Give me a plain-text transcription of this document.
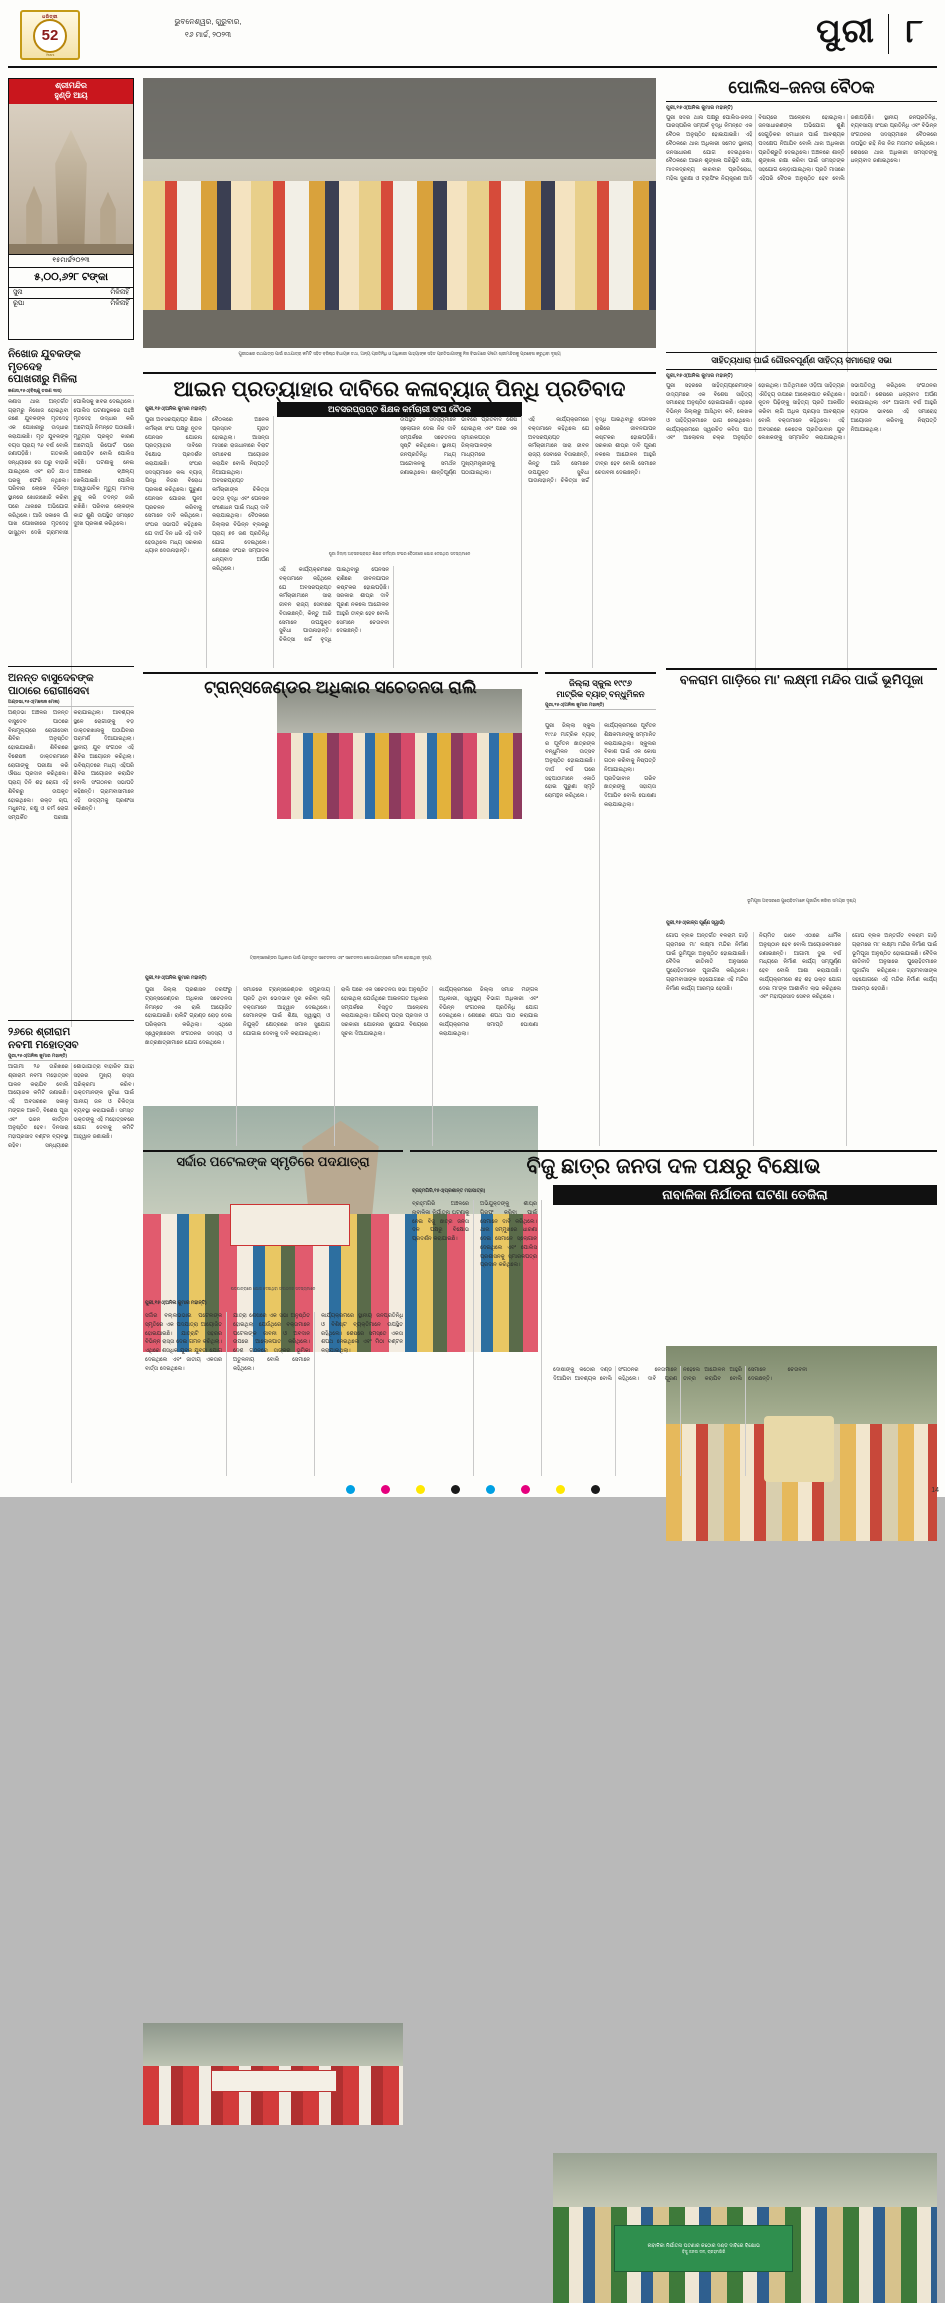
ଧରିତ୍ରୀ
52
Years
ଭୁବନେଶ୍ୱର, ଗୁରୁବାର,
୧୬ ମାର୍ଚ୍ଚ, ୨୦୨୩	ପୁରୀ ୮
ଶ୍ରୀମନ୍ଦିର
ହୁଣ୍ଡି ଆୟ
୧୫ମାର୍ଚ୍ଚ୨୦୨୩
୫,୦୦,୬୨୮ ଟଙ୍କା
ସୁନା	ମିଳିନାହିଁ
ରୂପା	ମିଳିନାହିଁ
ପୁରୀଠାରେ ରଥଯାତ୍ରା ପାଇଁ ରଥଯାତ୍ରା କମିଟି ସହିତ ବରିଷ୍ଠ ବିଧାୟକ ତଥା, ଅନ୍ୟ ପ୍ରତିନିଧି ଓ ଅଧିକାରୀ ପାହ୍ୟାଙ୍କ ସହିତ ପ୍ରତିଭାଗୀଙ୍କୁ ନିଜ ବିଭାଗରେ ଫଟୋ ଶ୍ରୀମନ୍ଦିରକୁ ପ୍ରବେଶ କରୁଥିବା ଦୃଶ୍ୟ
ପୋଲିସ–ଜନତା ବୈଠକ
ପୁରୀ,୧୫ଏ(ଅନିଲ କୁମାର ମହାନ୍ତି)
ପୁରୀ ସଦର ଥାନା ପକ୍ଷରୁ ପୋଲିସ-ଜନତା ପାରସ୍ପରିକ ସମ୍ପର୍କ ବୃଦ୍ଧି ନିମନ୍ତେ ଏକ ବୈଠକ ଅନୁଷ୍ଠିତ ହୋଇଯାଇଛି। ଏହି ବୈଠକରେ ଥାନା ଅଧିକାରୀ ସମେତ ସ୍ଥାନୀୟ ଜନସାଧାରଣ ଯୋଗ ଦେଇଥିଲେ। ବୈଠକରେ ଆଇନ ଶୃଙ୍ଖଳା ପରିସ୍ଥିତି ରକ୍ଷା, ମାଦକଦ୍ରବ୍ୟ କାରବାର ପ୍ରତିରୋଧ, ମହିଳା ସୁରକ୍ଷା ଓ ଟ୍ରାଫିକ ନିୟନ୍ତ୍ରଣ ଆଦି ବିଷୟରେ ଆଲୋଚନା ହୋଇଥିଲା। ଜନସାଧାରଣଙ୍କ ଅଭିଯୋଗ ଶୁଣି ସେଗୁଡ଼ିକର ସମାଧାନ ପାଇଁ ଆବଶ୍ୟକ ପଦକ୍ଷେପ ନିଆଯିବ ବୋଲି ଥାନା ଅଧିକାରୀ ପ୍ରତିଶ୍ରୁତି ଦେଇଥିଲେ। ଅଞ୍ଚଳରେ ଶାନ୍ତି ଶୃଙ୍ଖଳା ରକ୍ଷା କରିବା ପାଇଁ ସମସ୍ତଙ୍କ ସହଯୋଗ ଲୋଡ଼ାଯାଇଥିଲା। ପ୍ରତି ମାସରେ ଏହିପରି ବୈଠକ ଅନୁଷ୍ଠିତ ହେବ ବୋଲି ଜଣାପଡ଼ିଛି। ସ୍ଥାନୀୟ ଜନପ୍ରତିନିଧି, ବ୍ୟବସାୟୀ ସଂଘର ପ୍ରତିନିଧି ଏବଂ ବିଭିନ୍ନ ସଂଗଠନର ସଦସ୍ୟମାନେ ବୈଠକରେ ଉପସ୍ଥିତ ରହି ନିଜ ନିଜ ମତାମତ ରଖିଥିଲେ। ଶେଷରେ ଥାନା ଅଧିକାରୀ ସମସ୍ତଙ୍କୁ ଧନ୍ୟବାଦ ଜଣାଇଥିଲେ।
ସାହିତ୍ୟଧାରା ପାଇଁ ଗୌରବପୂର୍ଣ୍ଣ ସାହିତ୍ୟ ସମାରୋହ ସଭା
ପୁରୀ,୧୫ଏ(ଅନିଲ କୁମାର ମହାନ୍ତି)
ପୁରୀ ସହରରେ ସାହିତ୍ୟପ୍ରେମୀଙ୍କ ଉଦ୍ୟମରେ ଏକ ବିଶେଷ ସାହିତ୍ୟ ସମାରୋହ ଅନୁଷ୍ଠିତ ହୋଇଯାଇଛି। ଏଥିରେ ବିଭିନ୍ନ ଜିଲ୍ଲାରୁ ଆସିଥିବା କବି, ଲେଖକ ଓ ସାହିତ୍ୟିକମାନେ ଭାଗ ନେଇଥିଲେ। କାର୍ଯ୍ୟକ୍ରମରେ ସ୍ୱରଚିତ କବିତା ପାଠ ଏବଂ ଆଲୋଚନା ଚକ୍ର ଅନୁଷ୍ଠିତ ହୋଇଥିଲା। ଅତିଥିମାନେ ଓଡ଼ିଆ ସାହିତ୍ୟର ଐତିହ୍ୟ ଉପରେ ଆଲୋକପାତ କରିଥିଲେ। ନୂତନ ପିଢ଼ିଙ୍କୁ ସାହିତ୍ୟ ପ୍ରତି ଆକର୍ଷିତ କରିବା ଲାଗି ଅଧିକ ପ୍ରୟାସ ଆବଶ୍ୟକ ବୋଲି ବକ୍ତାମାନେ କହିଥିଲେ। ଏହି ଅବସରରେ କେତେକ ପ୍ରତିଭାବାନ ଯୁବ ଲେଖକଙ୍କୁ ସମ୍ମାନିତ କରାଯାଇଥିଲା। ସଭାପତିତ୍ୱ କରିଥିଲେ ସଂଗଠନର ସଭାପତି। ଶେଷରେ ଧନ୍ୟବାଦ ଅର୍ପଣ କରାଯାଇଥିଲା ଏବଂ ଆଗାମୀ ବର୍ଷ ଆହୁରି ବ୍ୟାପକ ଭାବରେ ଏହି ସମାରୋହ ଆୟୋଜନ କରିବାକୁ ନିଷ୍ପତ୍ତି ନିଆଯାଇଥିଲା।
ନିଖୋଜ ଯୁବକଙ୍କ
ମୃତଦେହ
ପୋଖରୀରୁ ମିଳିଲା
କଣାସ,୧୫ଏ(ବିଷ୍ଣୁ ଚରଣ ଦାସ)
କଣାସ ଥାନା ଅନ୍ତର୍ଗତ ଗ୍ରାମରୁ ନିଖୋଜ ହୋଇଥିବା ଜଣେ ଯୁବକଙ୍କ ମୃତଦେହ ଏକ ପୋଖରୀରୁ ଉଦ୍ଧାର କରାଯାଇଛି। ମୃତ ଯୁବକଙ୍କ ବୟସ ପ୍ରାୟ ୨୬ ବର୍ଷ ବୋଲି ଜଣାପଡ଼ିଛି। ଗତକାଲି ସନ୍ଧ୍ୟାରେ ସେ ଘରୁ ବାହାରି ଯାଇଥିଲେ ଏବଂ ରାତି ଯାଏ ଘରକୁ ଫେରି ନଥିଲେ। ପରିବାର ଲୋକେ ବିଭିନ୍ନ ସ୍ଥାନରେ ଖୋଜାଖୋଜି କରିବା ପରେ ଥାନାରେ ଅଭିଯୋଗ କରିଥିଲେ। ଆଜି ସକାଳେ ଗାଁ ପାଖ ପୋଖରୀରେ ମୃତଦେହ ଭାସୁଥିବା ଦେଖି ଗ୍ରାମବାସୀ ପୋଲିସକୁ ଖବର ଦେଇଥିଲେ। ପୋଲିସ ଘଟଣାସ୍ଥଳରେ ପହଞ୍ଚି ମୃତଦେହ ଉଦ୍ଧାର କରି ଅଟୋପ୍ସି ନିମନ୍ତେ ପଠାଇଛି। ମୃତ୍ୟୁର ପ୍ରକୃତ କାରଣ ଅଟୋପ୍ସି ରିପୋର୍ଟ ପରେ ଜଣାପଡ଼ିବ ବୋଲି ପୋଲିସ କହିଛି। ଘଟଣାକୁ ନେଇ ଅଞ୍ଚଳରେ ଚାଞ୍ଚଲ୍ୟ ଖେଳିଯାଇଛି। ପୋଲିସ ଅସ୍ୱାଭାବିକ ମୃତ୍ୟୁ ମାମଲା ରୁଜୁ କରି ତଦନ୍ତ ଜାରି ରଖିଛି। ପରିବାର ଲୋକଙ୍କ କାନ୍ଦ ଶୁଣି ଉପସ୍ଥିତ ସମସ୍ତେ ଦୁଃଖ ପ୍ରକାଶ କରିଥିଲେ।
ଆଇନ ପ୍ରତ୍ୟାହାର ଦାବିରେ କଳାବ୍ୟାଜ୍ ପିନ୍ଧି ପ୍ରତିବାଦ
ପୁରୀ,୧୫ଏ(ଅନିଲ କୁମାର ମହାନ୍ତି)	ଅବସରପ୍ରାପ୍ତ ଶିକ୍ଷକ କର୍ମଚାରୀ ସଂଘ ବୈଠକ
ପୁରୀ ଜିଲ୍ଲା ଅବସରପ୍ରାପ୍ତ ଶିକ୍ଷକ କର୍ମଚାରୀ ସଂଘର ବୈଠକରେ ଯୋଗ ଦେଇଥିବା ସଦସ୍ୟମାନେ
ପୁରୀ ଅବସରପ୍ରାପ୍ତ ଶିକ୍ଷକ କର୍ମଚାରୀ ସଂଘ ପକ୍ଷରୁ ନୂତନ ପେନସନ ଯୋଜନା ପ୍ରତ୍ୟାହାର ଦାବିରେ ବିକ୍ଷୋଭ ପ୍ରଦର୍ଶନ କରାଯାଇଛି। ସଂଘର ସଦସ୍ୟମାନେ କଳା ବ୍ୟାଜ୍ ପିନ୍ଧି ନିଜର ବିରୋଧ ପ୍ରକାଶ କରିଥିଲେ। ପୁରୁଣା ପେନସନ ଯୋଜନା ପୁନଃ ପ୍ରଚଳନ କରିବାକୁ ସେମାନେ ଦାବି କରିଥିଲେ। ସଂଘର ସଭାପତି କହିଥିଲେ ଯେ ଦୀର୍ଘ ଦିନ ଧରି ଏହି ଦାବି ହେଉଥିଲେ ମଧ୍ୟ ସରକାର ଧ୍ୟାନ ଦେଉନାହାନ୍ତି।
ବୈଠକରେ ଅନେକ ପ୍ରସ୍ତାବ ଗୃହୀତ ହୋଇଥିଲା। ଆସନ୍ତା ମାସରେ ରାଜଧାନୀରେ ବିରାଟ ସମାବେଶ ଆୟୋଜନ କରାଯିବ ବୋଲି ନିଷ୍ପତ୍ତି ନିଆଯାଇଥିଲା। ଅବସରପ୍ରାପ୍ତ କର୍ମଚାରୀଙ୍କ ଚିକିତ୍ସା ଭତ୍ତା ବୃଦ୍ଧି ଏବଂ ପେନସନ ସଂଶୋଧନ ପାଇଁ ମଧ୍ୟ ଦାବି କରାଯାଇଥିଲା। ବୈଠକରେ ଜିଲ୍ଲାର ବିଭିନ୍ନ ବ୍ଲକରୁ ପ୍ରାୟ ୭୫ ଜଣ ପ୍ରତିନିଧି ଯୋଗ ଦେଇଥିଲେ। ଶେଷରେ ସଂଘର ସମ୍ପାଦକ ଧନ୍ୟବାଦ ଅର୍ପଣ କରିଥିଲେ।	ଏହି କାର୍ଯ୍ୟକ୍ରମରେ ବକ୍ତାମାନେ କହିଥିଲେ ଯେ ଅବସରପ୍ରାପ୍ତ କର୍ମଚାରୀମାନେ ସାରା ଜୀବନ ରାଜ୍ୟ ସେବାରେ ବିତାଇଛନ୍ତି, କିନ୍ତୁ ଆଜି ସେମାନେ ଉପଯୁକ୍ତ ସୁବିଧା ପାଉନାହାନ୍ତି। ଚିକିତ୍ସା ଖର୍ଚ୍ଚ ବୃଦ୍ଧି ପାଇଥିବାରୁ ପେନସନ ରାଶିରେ ଜୀବନଯାପନ କଷ୍ଟକର ହୋଇପଡ଼ିଛି। ସରକାର ଶୀଘ୍ର ଦାବି ପୂରଣ ନକଲେ ଆନ୍ଦୋଳନ ଆହୁରି ତୀବ୍ର ହେବ ବୋଲି ସେମାନେ ଚେତାବନୀ ଦେଇଛନ୍ତି।
ଉପସ୍ଥିତ ସଦସ୍ୟମାନେ ସ୍ଲୋଗାନ ଦେଇ ନିଜ ଦାବି ସମ୍ପର୍କରେ ସଚେତନତା ସୃଷ୍ଟି କରିଥିଲେ। ସ୍ଥାନୀୟ ଜନପ୍ରତିନିଧି ମଧ୍ୟ ଆନ୍ଦୋଳନକୁ ସମର୍ଥନ ଜଣାଇଥିଲେ। ଶାନ୍ତିପୂର୍ଣ୍ଣ ଭାବରେ ପ୍ରତିବାଦ ଶେଷ ହୋଇଥିଲା ଏବଂ ପରେ ଏକ ସ୍ମାରକପତ୍ର ଜିଲ୍ଲାପାଳଙ୍କ ମାଧ୍ୟମରେ ମୁଖ୍ୟମନ୍ତ୍ରୀଙ୍କୁ ପଠାଯାଇଥିଲା।
ଏହି କାର୍ଯ୍ୟକ୍ରମରେ ବକ୍ତାମାନେ କହିଥିଲେ ଯେ ଅବସରପ୍ରାପ୍ତ କର୍ମଚାରୀମାନେ ସାରା ଜୀବନ ରାଜ୍ୟ ସେବାରେ ବିତାଇଛନ୍ତି, କିନ୍ତୁ ଆଜି ସେମାନେ ଉପଯୁକ୍ତ ସୁବିଧା ପାଉନାହାନ୍ତି। ଚିକିତ୍ସା ଖର୍ଚ୍ଚ ବୃଦ୍ଧି ପାଇଥିବାରୁ ପେନସନ ରାଶିରେ ଜୀବନଯାପନ କଷ୍ଟକର ହୋଇପଡ଼ିଛି। ସରକାର ଶୀଘ୍ର ଦାବି ପୂରଣ ନକଲେ ଆନ୍ଦୋଳନ ଆହୁରି ତୀବ୍ର ହେବ ବୋଲି ସେମାନେ ଚେତାବନୀ ଦେଇଛନ୍ତି।
ଅନନ୍ତ ବାସୁଦେବଙ୍କ
ପାଠାରେ ରୋଗୀସେବା
ଅଣ୍ଡଭା,୧୫ଏ(ମନୋଜ ମେଳା)
ଅଣ୍ଡଭା ଅଞ୍ଚଳର ଅନନ୍ତ ବାସୁଦେବ ପାଠରେ ବିନାମୂଲ୍ୟରେ ରୋଗୀସେବା ଶିବିର ଅନୁଷ୍ଠିତ ହୋଇଯାଇଛି। ଶିବିରରେ ବିଶେଷଜ୍ଞ ଡାକ୍ତରମାନେ ରୋଗୀଙ୍କୁ ପରୀକ୍ଷା କରି ଔଷଧ ପ୍ରଦାନ କରିଥିଲେ। ପ୍ରାୟ ତିନି ଶହ ରୋଗୀ ଏହି ଶିବିରରୁ ଉପକୃତ ହୋଇଥିଲେ। ରକ୍ତ ଚାପ, ମଧୁମେହ, ଚକ୍ଷୁ ଓ ଚର୍ମ ରୋଗ ସମ୍ପର୍କିତ ପରୀକ୍ଷା କରାଯାଇଥିଲା। ଆବଶ୍ୟକ ସ୍ଥଳେ ରୋଗୀଙ୍କୁ ବଡ଼ ଡାକ୍ତରଖାନାକୁ ପଠାଯିବାର ପରାମର୍ଶ ଦିଆଯାଇଥିଲା। ସ୍ଥାନୀୟ ଯୁବ ସଂଗଠନ ଏହି ଶିବିର ଆୟୋଜନ କରିଥିଲା। ଭବିଷ୍ୟତରେ ମଧ୍ୟ ଏହିପରି ଶିବିର ଆୟୋଜନ କରାଯିବ ବୋଲି ସଂଗଠନର ସଭାପତି କହିଛନ୍ତି। ଗ୍ରାମବାସୀମାନେ ଏହି ଉଦ୍ୟମକୁ ପ୍ରଶଂସା କରିଛନ୍ତି।
୨୬ରେ ଶ୍ରୀରାମ
ନବମୀ ମହୋତ୍ସବ
ପୁରୀ,୧୫ଏ(ଅନିଲ କୁମାର ମହାନ୍ତି)
ଆଗାମୀ ୨୬ ତାରିଖରେ ଶ୍ରୀରାମ ନବମୀ ମହୋତ୍ସବ ପାଳନ କରାଯିବ ବୋଲି ଆୟୋଜକ କମିଟି ଜଣାଇଛି। ଏହି ଅବସରରେ ସକାଳୁ ମଙ୍ଗଳ ଆଳତି, ବିଶେଷ ପୂଜା ଏବଂ ଭଜନ କୀର୍ତ୍ତନ ଅନୁଷ୍ଠିତ ହେବ। ଦିନସାରା ମହାପ୍ରସାଦ ବଣ୍ଟନ ବ୍ୟବସ୍ଥା ରହିବ। ସନ୍ଧ୍ୟାରେ ଶୋଭାଯାତ୍ରା ବାହାରିବ ଯାହା ସହରର ମୁଖ୍ୟ ରାସ୍ତା ପରିକ୍ରମା କରିବ। ଭକ୍ତମାନଙ୍କ ସୁବିଧା ପାଇଁ ପାନୀୟ ଜଳ ଓ ଚିକିତ୍ସା ବ୍ୟବସ୍ଥା କରାଯାଇଛି। ସମସ୍ତ ଭକ୍ତଙ୍କୁ ଏହି ମହୋତ୍ସବରେ ଯୋଗ ଦେବାକୁ କମିଟି ଆହ୍ୱାନ ଜଣାଇଛି।
ଟ୍ରାନ୍ସଜେଣ୍ଡର ଅଧିକାର ସଚେତନତା ରାଲି
ଟ୍ରାନ୍ସଜେଣ୍ଡର ଅଧିକାର ପାଇଁ ପ୍ରସ୍ତୁତ ସଚେତନତା ଏବଂ ସଚେତନତା ଶୋଭାଯାତ୍ରାରେ ସାମିଲ ହୋଇଥିବା ଦୃଶ୍ୟ
ପୁରୀ,୧୫ଏ(ଅନିଲ କୁମାର ମହାନ୍ତି)
ପୁରୀ ଜିଲ୍ଲା ପ୍ରଶାସନ ତରଫରୁ ଟ୍ରାନ୍ସଜେଣ୍ଡର ଅଧିକାର ସଚେତନତା ନିମନ୍ତେ ଏକ ରାଲି ଆୟୋଜିତ ହୋଇଯାଇଛି। ରାଲିଟି ଗ୍ରାଣ୍ଡ ରୋଡ଼ ଦେଇ ପରିକ୍ରମା କରିଥିଲା। ଏଥିରେ ସ୍ୱେଚ୍ଛାସେବୀ ସଂଗଠନର ସଦସ୍ୟ ଓ ଛାତ୍ରଛାତ୍ରୀମାନେ ଯୋଗ ଦେଇଥିଲେ।
ସମାଜରେ ଟ୍ରାନ୍ସଜେଣ୍ଡର ସମ୍ପ୍ରଦାୟ ପ୍ରତି ଥିବା ଭେଦଭାବ ଦୂର କରିବା ଲାଗି ବକ୍ତାମାନେ ଆହ୍ୱାନ ଦେଇଥିଲେ। ସେମାନଙ୍କ ପାଇଁ ଶିକ୍ଷା, ସ୍ୱାସ୍ଥ୍ୟ ଓ ନିଯୁକ୍ତି କ୍ଷେତ୍ରରେ ସମାନ ସୁଯୋଗ ଯୋଗାଇ ଦେବାକୁ ଦାବି କରାଯାଇଥିଲା।
ରାଲି ପରେ ଏକ ସଚେତନତା ସଭା ଅନୁଷ୍ଠିତ ହୋଇଥିଲା ଯେଉଁଥିରେ ଆଇନଗତ ଅଧିକାର ସମ୍ପର୍କରେ ବିସ୍ତୃତ ଆଲୋଚନା କରାଯାଇଥିଲା। ପରିଚୟ ପତ୍ର ପ୍ରଦାନ ଓ ସରକାରୀ ଯୋଜନାର ସୁଯୋଗ ବିଷୟରେ ସୂଚନା ଦିଆଯାଇଥିଲା।
କାର୍ଯ୍ୟକ୍ରମରେ ଜିଲ୍ଲା ସମାଜ ମଙ୍ଗଳ ଅଧିକାରୀ, ସ୍ୱାସ୍ଥ୍ୟ ବିଭାଗ ଅଧିକାରୀ ଏବଂ ବିଭିନ୍ନ ସଂଗଠନର ପ୍ରତିନିଧି ଯୋଗ ଦେଇଥିଲେ। ଶେଷରେ ଶପଥ ପାଠ କରାଯାଇ କାର୍ଯ୍ୟକ୍ରମର ସମାପ୍ତି ଘୋଷଣା କରାଯାଇଥିଲା।
ଜିଲ୍ଲା ସ୍କୁଲ ୧୯୯୬
ମାଟ୍ରିକ ବ୍ୟାଚ୍ ବନ୍ଧୁମିଳନ
ପୁରୀ,୧୫ଏ(ଅନିଲ କୁମାର ମହାନ୍ତି)
ପୁରୀ ଜିଲ୍ଲା ସ୍କୁଲ ୧୯୯୬ ମାଟ୍ରିକ ବ୍ୟାଚ୍ ର ପୂର୍ବତନ ଛାତ୍ରଙ୍କ ବନ୍ଧୁମିଳନ ଉତ୍ସବ ଅନୁଷ୍ଠିତ ହୋଇଯାଇଛି। ଦୀର୍ଘ ବର୍ଷ ପରେ ସହପାଠୀମାନେ ଏକାଠି ହୋଇ ପୁରୁଣା ସ୍ମୃତି ରୋମନ୍ଥନ କରିଥିଲେ।
କାର୍ଯ୍ୟକ୍ରମରେ ପୂର୍ବତନ ଶିକ୍ଷକମାନଙ୍କୁ ସମ୍ମାନିତ କରାଯାଇଥିଲା। ସ୍କୁଲର ବିକାଶ ପାଇଁ ଏକ କୋଷ ଗଠନ କରିବାକୁ ନିଷ୍ପତ୍ତି ନିଆଯାଇଥିଲା। ପ୍ରତିଭାବାନ ଗରିବ ଛାତ୍ରଙ୍କୁ ସହାୟତା ଦିଆଯିବ ବୋଲି ଘୋଷଣା କରାଯାଇଥିଲା।
ବଳରାମ ଗାଡ଼ିରେ ମା' ଲକ୍ଷ୍ମୀ ମନ୍ଦିର ପାଇଁ ଭୂମିପୂଜା
ଭୂମିପୂଜା ଅବସରରେ ପୁରୋହିତମାନେ ପୂଜାର୍ଚ୍ଚନା କରିବା ସମୟର ଦୃଶ୍ୟ
ପୁରୀ,୧୫ଏ(କାଳ୍ପ ପୂର୍ଣ୍ଣ ସ୍ୱାଇଁ)
ଗୋପ ବ୍ଲକ ଅନ୍ତର୍ଗତ ବଳରାମ ଗାଡ଼ି ଗ୍ରାମରେ ମା' ଲକ୍ଷ୍ମୀ ମନ୍ଦିର ନିର୍ମାଣ ପାଇଁ ଭୂମିପୂଜା ଅନୁଷ୍ଠିତ ହୋଇଯାଇଛି। ବୈଦିକ ରୀତିନୀତି ଅନୁସାରେ ପୁରୋହିତମାନେ ପୂଜାର୍ଚ୍ଚନା କରିଥିଲେ। ଗ୍ରାମବାସୀଙ୍କ ସହଯୋଗରେ ଏହି ମନ୍ଦିର ନିର୍ମାଣ କାର୍ଯ୍ୟ ଆରମ୍ଭ ହେଉଛି।
ନିୟମିତ ଭାବେ ଏଠାରେ ଧାର୍ମିକ ଅନୁଷ୍ଠାନ ହେବ ବୋଲି ଆୟୋଜକମାନେ ଜଣାଇଛନ୍ତି। ଆଗାମୀ ଦୁଇ ବର୍ଷ ମଧ୍ୟରେ ନିର୍ମାଣ କାର୍ଯ୍ୟ ସମ୍ପୂର୍ଣ୍ଣ ହେବ ବୋଲି ଆଶା କରାଯାଉଛି। କାର୍ଯ୍ୟକ୍ରମରେ ଶହ ଶହ ଭକ୍ତ ଯୋଗ ଦେଇ ମା'ଙ୍କ ଆଶୀର୍ବାଦ ଲାଭ କରିଥିଲେ ଏବଂ ମହାପ୍ରସାଦ ସେବନ କରିଥିଲେ।
ଗୋପ ବ୍ଲକ ଅନ୍ତର୍ଗତ ବଳରାମ ଗାଡ଼ି ଗ୍ରାମରେ ମା' ଲକ୍ଷ୍ମୀ ମନ୍ଦିର ନିର୍ମାଣ ପାଇଁ ଭୂମିପୂଜା ଅନୁଷ୍ଠିତ ହୋଇଯାଇଛି। ବୈଦିକ ରୀତିନୀତି ଅନୁସାରେ ପୁରୋହିତମାନେ ପୂଜାର୍ଚ୍ଚନା କରିଥିଲେ। ଗ୍ରାମବାସୀଙ୍କ ସହଯୋଗରେ ଏହି ମନ୍ଦିର ନିର୍ମାଣ କାର୍ଯ୍ୟ ଆରମ୍ଭ ହେଉଛି।
ସର୍ଦ୍ଦାର ପଟେଲଙ୍କ ସ୍ମୃତିରେ ପଦଯାତ୍ରା
ପଦଯାତ୍ରାରେ ଯୋଗ ଦେଇଥିବା ସଂଗଠନର ସଦସ୍ୟମାନେ
ପୁରୀ,୧୫ଏ(ଅନିଲ କୁମାର ମହାନ୍ତି)
ସର୍ଦ୍ଦାର ବଲ୍ଲଭଭାଇ ପଟେଲଙ୍କ ସ୍ମୃତିରେ ଏକ ପଦଯାତ୍ରା ଆୟୋଜିତ ହୋଇଯାଇଛି। ଯାତ୍ରାଟି ସହରର ବିଭିନ୍ନ ରାସ୍ତା ଦେଇ ଗମନ କରିଥିଲା। ଏଥିରେ ଶତାଧିକ ଯୁବକ ଯୁବତୀ ଯୋଗ ଦେଇଥିଲେ ଏବଂ ଜାତୀୟ ଏକତାର ବାର୍ତ୍ତା ଦେଇଥିଲେ।
ଯାତ୍ରା ଶେଷରେ ଏକ ସଭା ଅନୁଷ୍ଠିତ ହୋଇଥିଲା ଯେଉଁଥିରେ ବକ୍ତାମାନେ ପଟେଲଙ୍କ ଜୀବନୀ ଓ ଅବଦାନ ଉପରେ ଆଲୋକପାତ କରିଥିଲେ। ଦେଶ ଗଠନରେ ତାଙ୍କର ଭୂମିକା ଅତୁଳନୀୟ ବୋଲି ସେମାନେ କହିଥିଲେ।
କାର୍ଯ୍ୟକ୍ରମରେ ସ୍ଥାନୀୟ ଜନପ୍ରତିନିଧି ଓ ବିଶିଷ୍ଟ ବ୍ୟକ୍ତିମାନେ ଉପସ୍ଥିତ ରହିଥିଲେ। ଶେଷରେ ସମସ୍ତେ ଏକତା ଶପଥ ନେଇଥିଲେ ଏବଂ ମିଠା ବଣ୍ଟନ କରାଯାଇଥିଲା।
ବିଜୁ ଛାତ୍ର ଜନତା ଦଳ ପକ୍ଷରୁ ବିକ୍ଷୋଭ
ବ୍ରହ୍ମଗିରି,୧୫ଏ(ପ୍ରଶାନ୍ତ ମହାପାତ୍ର)	ନାବାଳିକା ନିର୍ଯାତନା ଘଟଣା ତେଜିଲା
ନାବାଳିକା ନିର୍ଯାତନା ଘଟଣାର କଠୋର ଦଣ୍ଡ ଦାବିରେ ବିକ୍ଷୋଭ
ବିଜୁ ଜନତା ଦଳ, ବ୍ରହ୍ମଗିରି
ବ୍ରହ୍ମଗିରି ଅଞ୍ଚଳରେ ନାବାଳିକା ନିର୍ଯାତନା ଘଟଣାକୁ ନେଇ ବିଜୁ ଛାତ୍ର ଜନତା ଦଳ ପକ୍ଷରୁ ବିକ୍ଷୋଭ ପ୍ରଦର୍ଶନ କରାଯାଇଛି।
ଅଭିଯୁକ୍ତଙ୍କୁ ଶୀଘ୍ର ଗିରଫ କରିବା ପାଇଁ ସେମାନେ ଦାବି କରିଥିଲେ। ଥାନା ସମ୍ମୁଖରେ ଧାରଣା ଦେଇ ସେମାନେ ସ୍ଲୋଗାନ ଦେଇଥିଲେ ଏବଂ ପୋଲିସ ପ୍ରଶାସନକୁ ସ୍ମାରକପତ୍ର ପ୍ରଦାନ କରିଥିଲେ।
ଦୋଷୀଙ୍କୁ କଠୋର ଦଣ୍ଡ ଦିଆଯିବା ଆବଶ୍ୟକ ବୋଲି ସଂଗଠନର ନେତାମାନେ କହିଥିଲେ। ଦାବି ପୂରଣ ନହେଲେ ଆନ୍ଦୋଳନ ଆହୁରି ତୀବ୍ର କରାଯିବ ବୋଲି ସେମାନେ ଚେତାବନୀ ଦେଇଛନ୍ତି।
14
